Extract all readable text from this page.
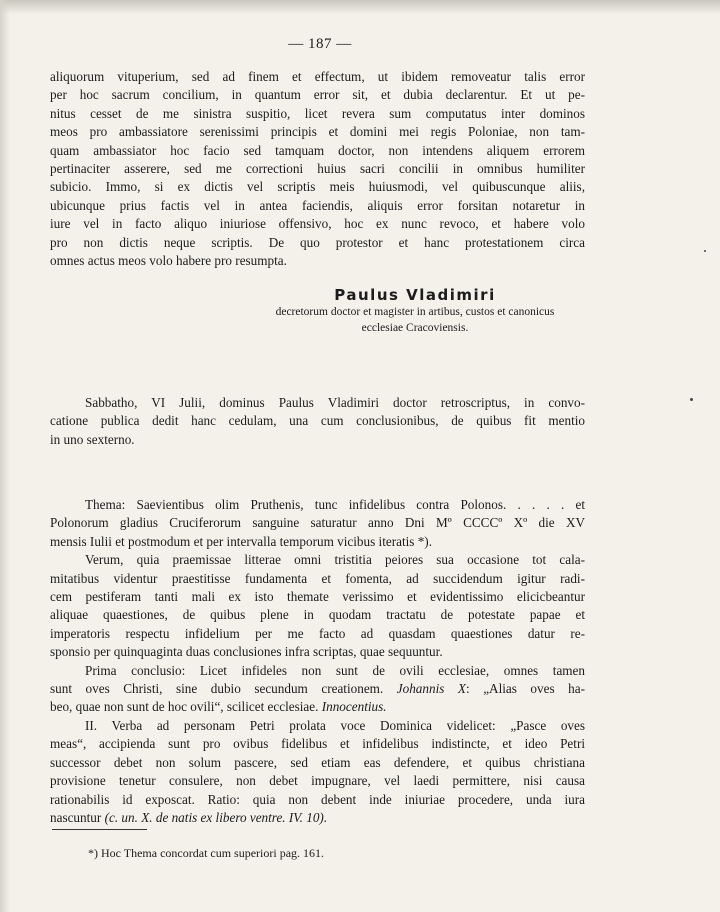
— 187 —
aliquorum vituperium, sed ad finem et effectum, ut ibidem removeatur talis error
per hoc sacrum concilium, in quantum error sit, et dubia declarentur. Et ut pe-
nitus cesset de me sinistra suspitio, licet revera sum computatus inter dominos
meos pro ambassiatore serenissimi principis et domini mei regis Poloniae, non tam-
quam ambassiator hoc facio sed tamquam doctor, non intendens aliquem errorem
pertinaciter asserere, sed me correctioni huius sacri concilii in omnibus humiliter
subicio. Immo, si ex dictis vel scriptis meis huiusmodi, vel quibuscunque aliis,
ubicunque prius factis vel in antea faciendis, aliquis error forsitan notaretur in
iure vel in facto aliquo iniuriose offensivo, hoc ex nunc revoco, et habere volo
pro non dictis neque scriptis. De quo protestor et hanc protestationem circa
omnes actus meos volo habere pro resumpta.
Paulus Vladimiri
decretorum doctor et magister in artibus, custos et canonicus
ecclesiae Cracoviensis.
Sabbatho, VI Julii, dominus Paulus Vladimiri doctor retroscriptus, in convo-
catione publica dedit hanc cedulam, una cum conclusionibus, de quibus fit mentio
in uno sexterno.
Thema: Saevientibus olim Pruthenis, tunc infidelibus contra Polonos. . . . . et
Polonorum gladius Cruciferorum sanguine saturatur anno Dni Mº CCCCº Xº die XV
mensis Iulii et postmodum et per intervalla temporum vicibus iteratis *).
Verum, quia praemissae litterae omni tristitia peiores sua occasione tot cala-
mitatibus videntur praestitisse fundamenta et fomenta, ad succidendum igitur radi-
cem pestiferam tanti mali ex isto themate verissimo et evidentissimo elicicbeantur
aliquae quaestiones, de quibus plene in quodam tractatu de potestate papae et
imperatoris respectu infidelium per me facto ad quasdam quaestiones datur re-
sponsio per quinquaginta duas conclusiones infra scriptas, quae sequuntur.
Prima conclusio: Licet infideles non sunt de ovili ecclesiae, omnes tamen
sunt oves Christi, sine dubio secundum creationem. Johannis X: „Alias oves ha-
beo, quae non sunt de hoc ovili“, scilicet ecclesiae. Innocentius.
II. Verba ad personam Petri prolata voce Dominica videlicet: „Pasce oves
meas“, accipienda sunt pro ovibus fidelibus et infidelibus indistincte, et ideo Petri
successor debet non solum pascere, sed etiam eas defendere, et quibus christiana
provisione tenetur consulere, non debet impugnare, vel laedi permittere, nisi causa
rationabilis id exposcat. Ratio: quia non debent inde iniuriae procedere, unda iura
nascuntur (c. un. X. de natis ex libero ventre. IV. 10).
*) Hoc Thema concordat cum superiori pag. 161.
